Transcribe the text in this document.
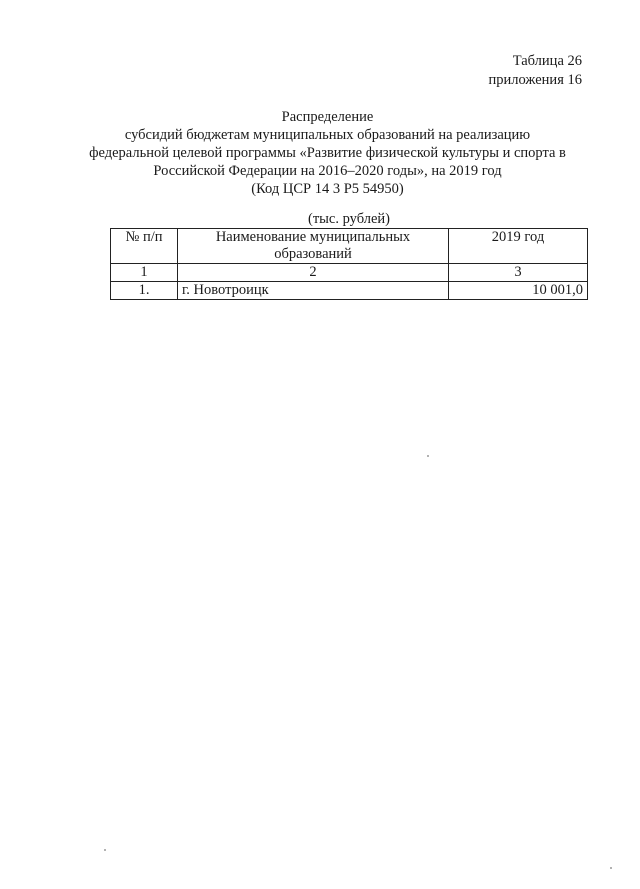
Таблица 26
приложения 16
Распределение
субсидий бюджетам муниципальных образований на реализацию
федеральной целевой программы «Развитие физической культуры и спорта в
Российской Федерации на 2016–2020 годы», на 2019 год
(Код ЦСР 14 3 Р5 54950)
(тыс. рублей)
№ п/п	Наименование муниципальных образований	2019 год
1	2	3
1.	г. Новотроицк	10 001,0
